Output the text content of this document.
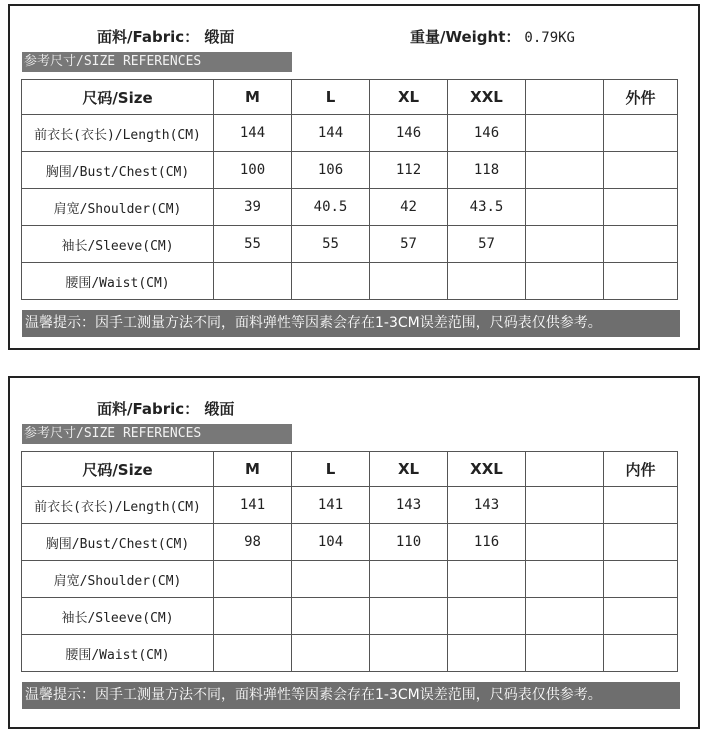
面料/Fabric： 缎面	重量/Weight： 0.79KG
参考尺寸/SIZE REFERENCES
尺码/Size	M	L	XL	XXL		外件
前衣长(衣长)/Length(CM)	144	144	146	146		
胸围/Bust/Chest(CM)	100	106	112	118		
肩宽/Shoulder(CM)	39	40.5	42	43.5		
袖长/Sleeve(CM)	55	55	57	57		
腰围/Waist(CM)						
温馨提示：因手工测量方法不同，面料弹性等因素会存在1-3CM误差范围，尺码表仅供参考。
面料/Fabric： 缎面
参考尺寸/SIZE REFERENCES
尺码/Size	M	L	XL	XXL		内件
前衣长(衣长)/Length(CM)	141	141	143	143		
胸围/Bust/Chest(CM)	98	104	110	116		
肩宽/Shoulder(CM)						
袖长/Sleeve(CM)						
腰围/Waist(CM)						
温馨提示：因手工测量方法不同，面料弹性等因素会存在1-3CM误差范围，尺码表仅供参考。
